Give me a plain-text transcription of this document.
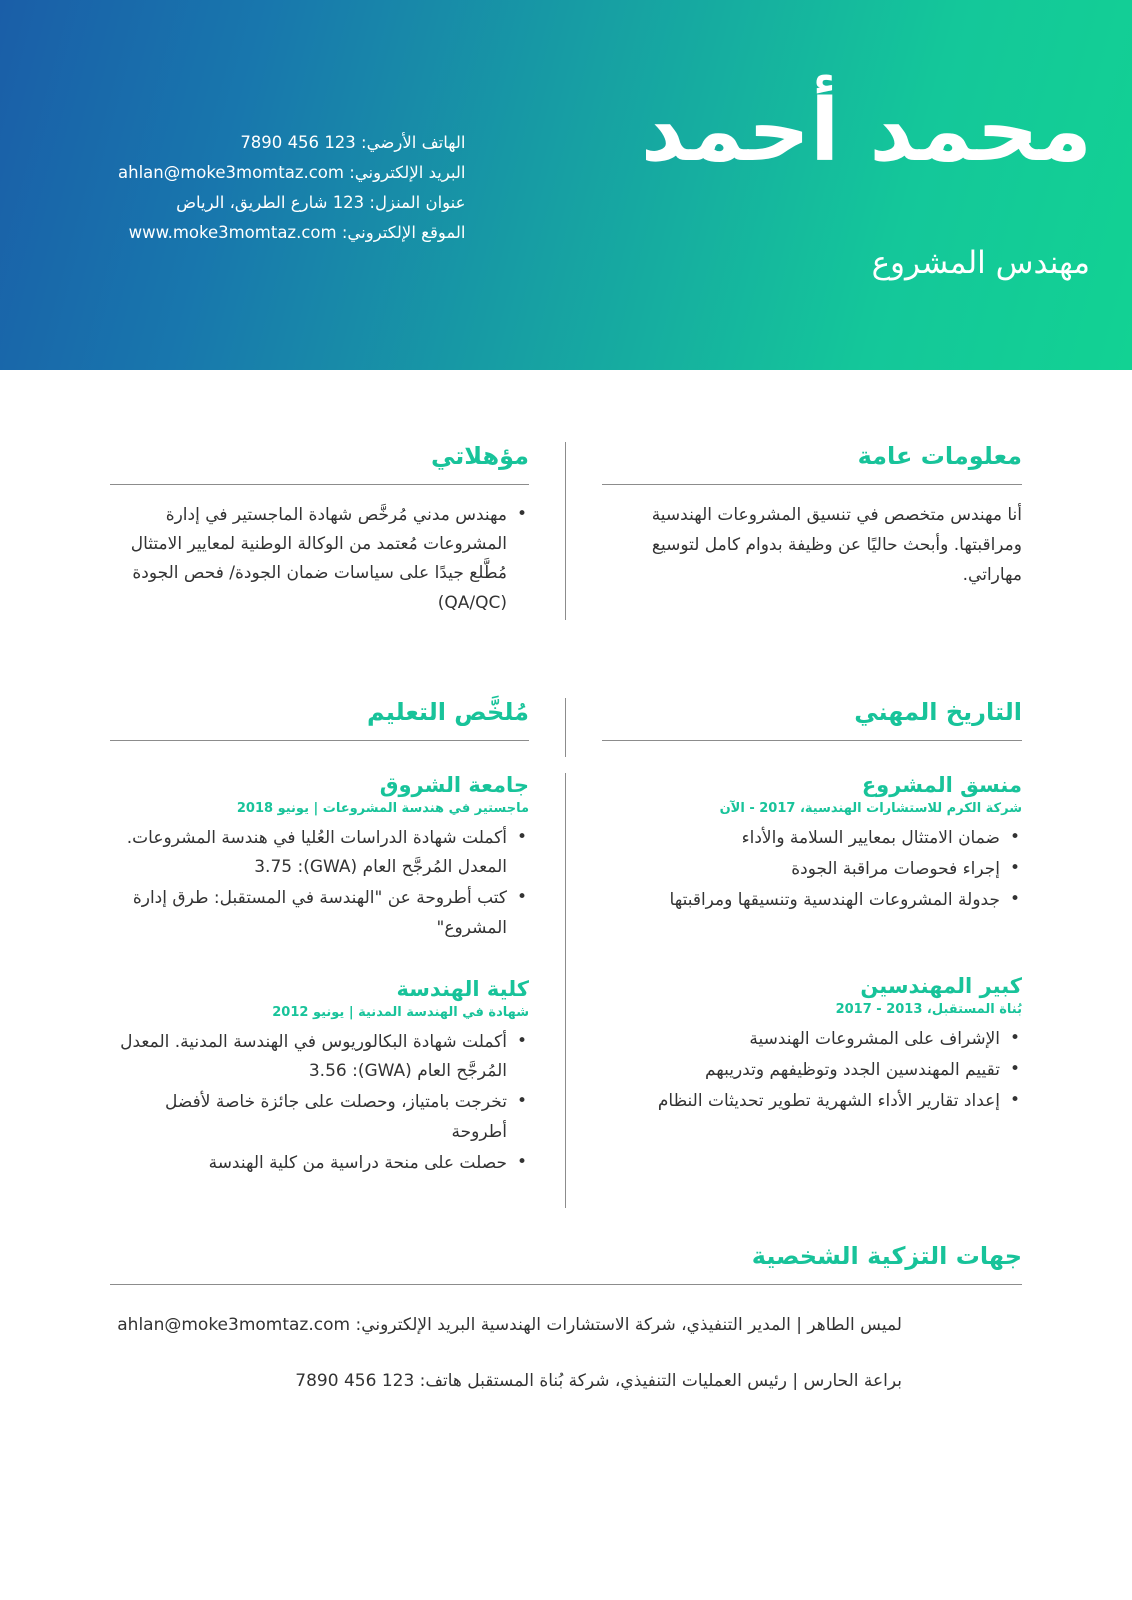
محمد أحمد
مهندس المشروع
الهاتف الأرضي: 123 456 7890
البريد الإلكتروني: ahlan@moke3momtaz.com
عنوان المنزل: 123 شارع الطريق، الرياض
الموقع الإلكتروني: www.moke3momtaz.com
معلومات عامة
أنا مهندس متخصص في تنسيق المشروعات الهندسية ومراقبتها. وأبحث حاليًا عن وظيفة بدوام كامل لتوسيع مهاراتي.
مؤهلاتي
• مهندس مدني مُرخَّص شهادة الماجستير في إدارة المشروعات مُعتمد من الوكالة الوطنية لمعايير الامتثال مُطَّلع جيدًا على سياسات ضمان الجودة/ فحص الجودة (QA/QC)
التاريخ المهني
مُلخَّص التعليم
منسق المشروع
شركة الكرم للاستشارات الهندسية، 2017 - الآن
• ضمان الامتثال بمعايير السلامة والأداء
• إجراء فحوصات مراقبة الجودة
• جدولة المشروعات الهندسية وتنسيقها ومراقبتها
كبير المهندسين
بُناة المستقبل، 2013 - 2017
• الإشراف على المشروعات الهندسية
• تقييم المهندسين الجدد وتوظيفهم وتدريبهم
• إعداد تقارير الأداء الشهرية تطوير تحديثات النظام
جامعة الشروق
ماجستير في هندسة المشروعات | يونيو 2018
• أكملت شهادة الدراسات العُليا في هندسة المشروعات. المعدل المُرجَّح العام (GWA): 3.75
• كتب أطروحة عن "الهندسة في المستقبل: طرق إدارة المشروع"
كلية الهندسة
شهادة في الهندسة المدنية | يونيو 2012
• أكملت شهادة البكالوريوس في الهندسة المدنية. المعدل المُرجَّح العام (GWA): 3.56
• تخرجت بامتياز، وحصلت على جائزة خاصة لأفضل أطروحة
• حصلت على منحة دراسية من كلية الهندسة
جهات التزكية الشخصية
لميس الطاهر | المدير التنفيذي، شركة الاستشارات الهندسية البريد الإلكتروني: ahlan@moke3momtaz.com
براعة الحارس | رئيس العمليات التنفيذي، شركة بُناة المستقبل هاتف: 123 456 7890
